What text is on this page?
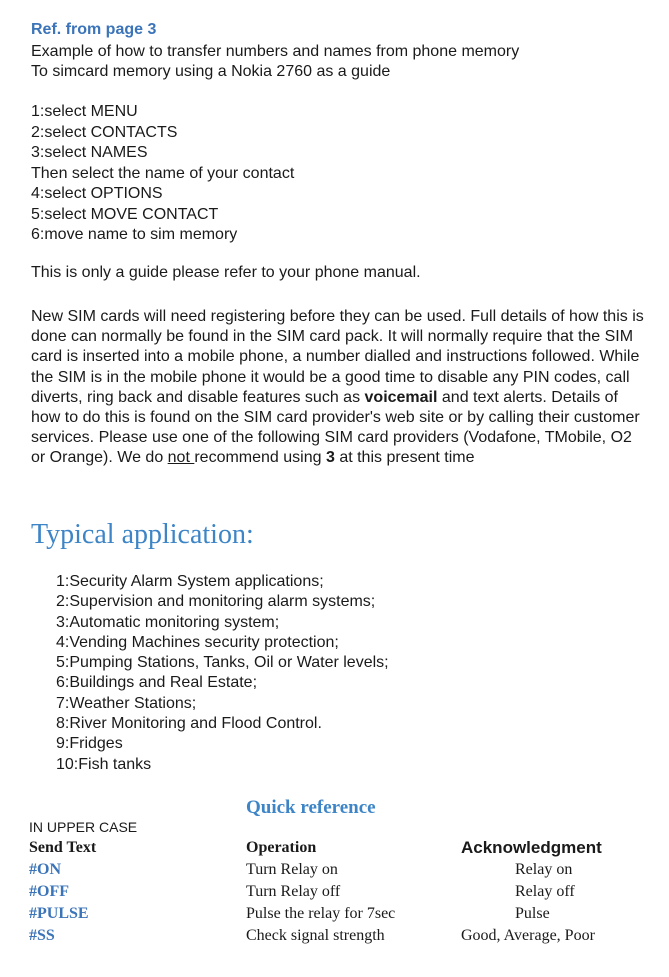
Ref. from page 3
Example of how to transfer numbers and names from phone memory
To simcard memory using a Nokia 2760 as a guide
1:select MENU
2:select CONTACTS
3:select NAMES
Then select the name of your contact
4:select OPTIONS
5:select MOVE CONTACT
6:move name to sim memory
This is only a guide please refer to your phone manual.

New SIM cards will need registering before they can be used. Full details of how this is done can normally be found in the SIM card pack. It will normally require that the SIM card is inserted into a mobile phone, a number dialled and instructions followed. While the SIM is in the mobile phone it would be a good time to disable any PIN codes, call diverts, ring back and disable features such as voicemail and text alerts. Details of how to do this is found on the SIM card provider's web site or by calling their customer services. Please use one of the following SIM card providers (Vodafone, TMobile, O2 or Orange). We do not recommend using 3 at this present time

Typical application:
1:Security Alarm System applications;
2:Supervision and monitoring alarm systems;
3:Automatic monitoring system;
4:Vending Machines security protection;
5:Pumping Stations, Tanks, Oil or Water levels;
6:Buildings and Real Estate;
7:Weather Stations;
8:River Monitoring and Flood Control.
9:Fridges
10:Fish tanks
Quick reference
IN UPPER CASE
Send Text
#ON
#OFF
#PULSE
#SS
Operation
Turn Relay on
Turn Relay off
Pulse the relay for 7sec
Check signal strength
Acknowledgment
Relay on
Relay off
Pulse
Good, Average, Poor
